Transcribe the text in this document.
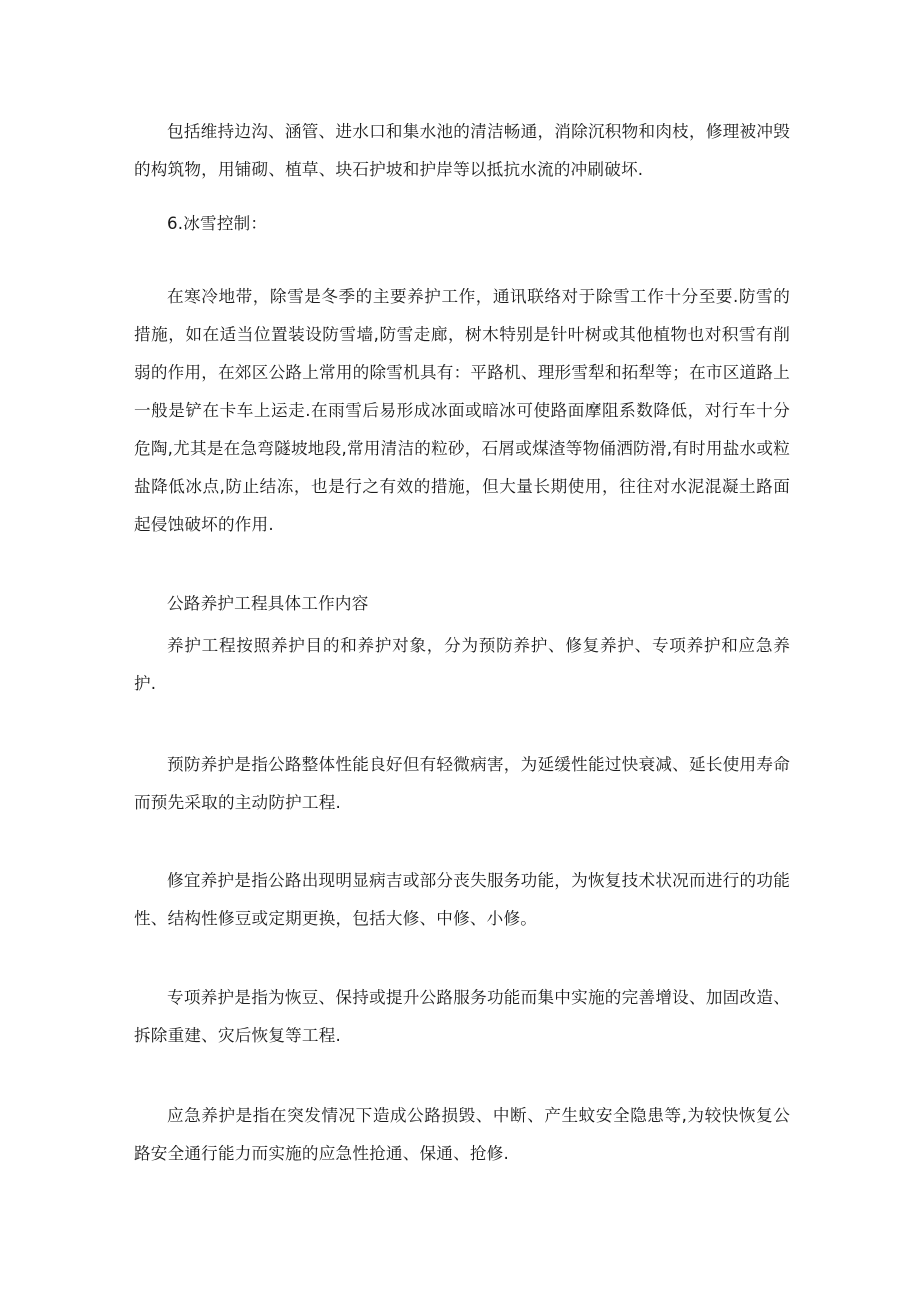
包括维持边沟、涵管、进水口和集水池的清洁畅通，消除沉积物和肉枝，修理被冲毁的构筑物，用铺砌、植草、块石护坡和护岸等以抵抗水流的冲刷破坏.

6.冰雪控制：

在寒冷地带，除雪是冬季的主要养护工作，通讯联络对于除雪工作十分至要.防雪的措施，如在适当位置装设防雪墙,防雪走廊，树木特别是针叶树或其他植物也对积雪有削弱的作用，在郊区公路上常用的除雪机具有：平路机、理形雪犁和拓犁等；在市区道路上一般是铲在卡车上运走.在雨雪后易形成冰面或暗冰可使路面摩阻系数降低，对行车十分危陶,尤其是在急弯隧坡地段,常用清洁的粒砂，石屑或煤渣等物俑洒防滑,有时用盐水或粒盐降低冰点,防止结冻，也是行之有效的措施，但大量长期使用，往往对水泥混凝土路面起侵蚀破坏的作用.

公路养护工程具体工作内容

养护工程按照养护目的和养护对象，分为预防养护、修复养护、专项养护和应急养护.

预防养护是指公路整体性能良好但有轻微病害，为延缓性能过快衰减、延长使用寿命而预先采取的主动防护工程.

修宜养护是指公路出现明显病吉或部分丧失服务功能，为恢复技术状况而进行的功能性、结构性修豆或定期更换，包括大修、中修、小修。

专项养护是指为恢豆、保持或提升公路服务功能而集中实施的完善增设、加固改造、拆除重建、灾后恢复等工程.

应急养护是指在突发情况下造成公路损毁、中断、产生蚊安全隐患等,为较快恢复公路安全通行能力而实施的应急性抢通、保通、抢修.
